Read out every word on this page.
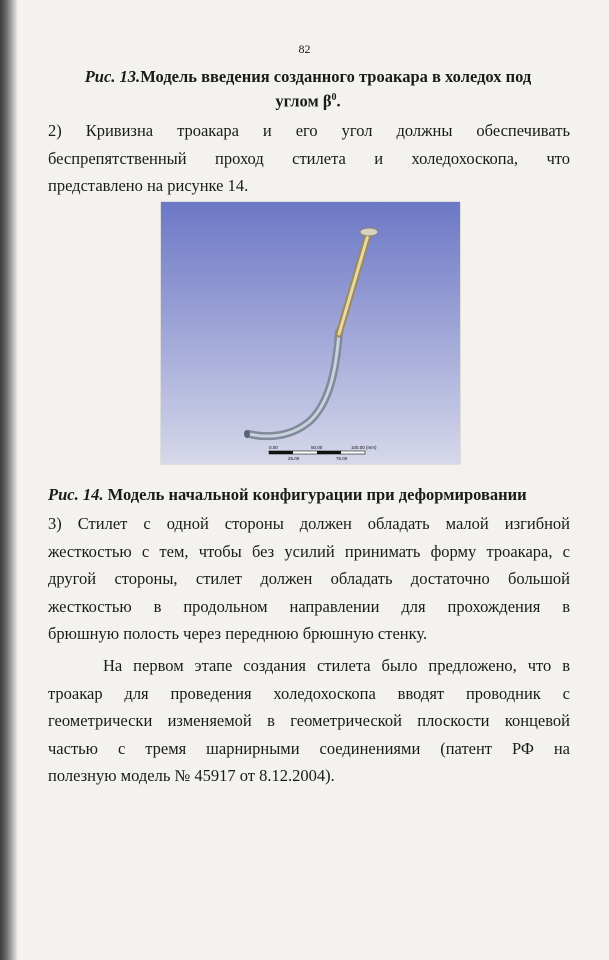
82
Рис. 13.Модель введения созданного троакара в холедох под
углом $\beta^0$.
2) Кривизна троакара и его угол должны обеспечивать
беспрепятственный проход стилета и холедохоскопа, что
представлено на рисунке 14.
0.00	50.00	100.00 (mm)
25.00	75.00
Рис. 14. Модель начальной конфигурации при деформировании
3) Стилет с одной стороны должен обладать малой изгибной
жесткостью с тем, чтобы без усилий принимать форму троакара, с
другой стороны, стилет должен обладать достаточно большой
жесткостью в продольном направлении для прохождения в
брюшную полость через переднюю брюшную стенку.
На первом этапе создания стилета было предложено, что в
троакар для проведения холедохоскопа вводят проводник с
геометрически изменяемой в геометрической плоскости концевой
частью с тремя шарнирными соединениями (патент РФ на
полезную модель № 45917 от 8.12.2004).
